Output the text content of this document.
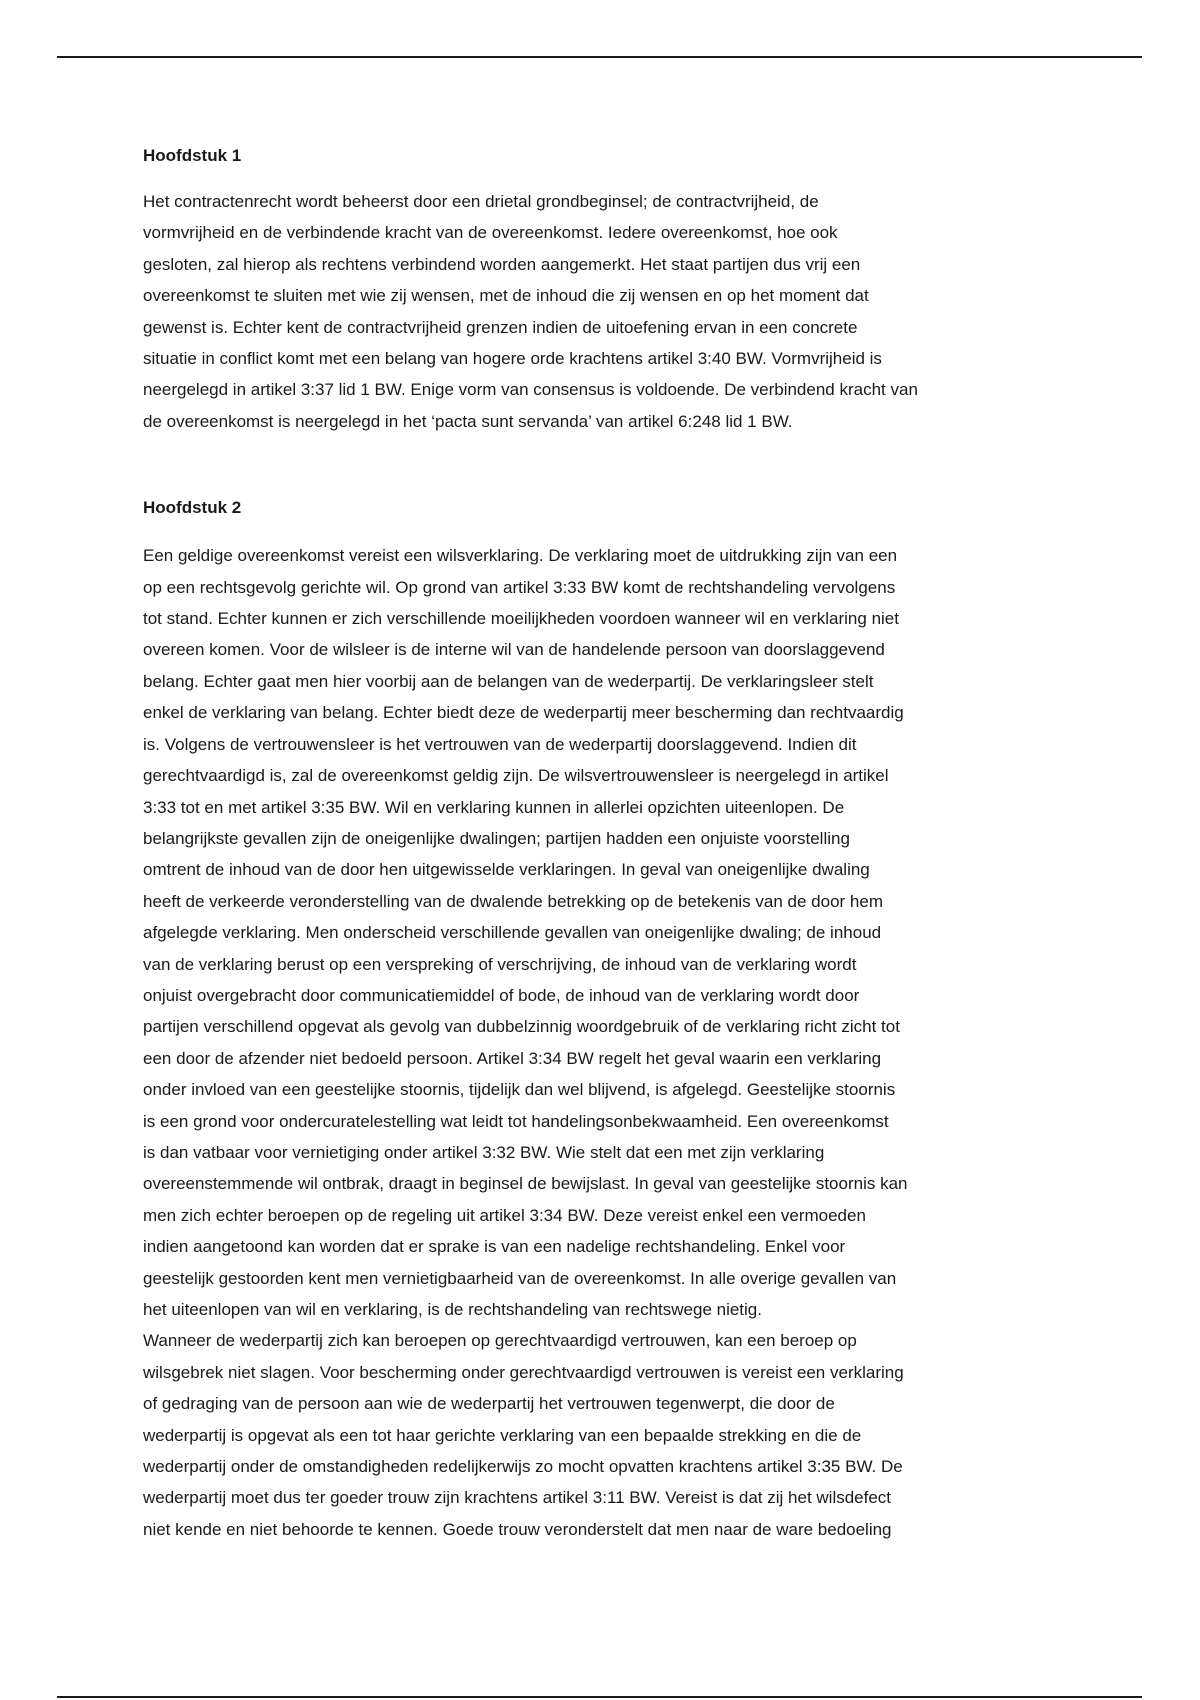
Hoofdstuk 1

Het contractenrecht wordt beheerst door een drietal grondbeginsel; de contractvrijheid, de
vormvrijheid en de verbindende kracht van de overeenkomst. Iedere overeenkomst, hoe ook
gesloten, zal hierop als rechtens verbindend worden aangemerkt. Het staat partijen dus vrij een
overeenkomst te sluiten met wie zij wensen, met de inhoud die zij wensen en op het moment dat
gewenst is. Echter kent de contractvrijheid grenzen indien de uitoefening ervan in een concrete
situatie in conflict komt met een belang van hogere orde krachtens artikel 3:40 BW. Vormvrijheid is
neergelegd in artikel 3:37 lid 1 BW. Enige vorm van consensus is voldoende. De verbindend kracht van
de overeenkomst is neergelegd in het ‘pacta sunt servanda’ van artikel 6:248 lid 1 BW.

Hoofdstuk 2

Een geldige overeenkomst vereist een wilsverklaring. De verklaring moet de uitdrukking zijn van een
op een rechtsgevolg gerichte wil. Op grond van artikel 3:33 BW komt de rechtshandeling vervolgens
tot stand. Echter kunnen er zich verschillende moeilijkheden voordoen wanneer wil en verklaring niet
overeen komen. Voor de wilsleer is de interne wil van de handelende persoon van doorslaggevend
belang. Echter gaat men hier voorbij aan de belangen van de wederpartij. De verklaringsleer stelt
enkel de verklaring van belang. Echter biedt deze de wederpartij meer bescherming dan rechtvaardig
is. Volgens de vertrouwensleer is het vertrouwen van de wederpartij doorslaggevend. Indien dit
gerechtvaardigd is, zal de overeenkomst geldig zijn. De wilsvertrouwensleer is neergelegd in artikel
3:33 tot en met artikel 3:35 BW. Wil en verklaring kunnen in allerlei opzichten uiteenlopen. De
belangrijkste gevallen zijn de oneigenlijke dwalingen; partijen hadden een onjuiste voorstelling
omtrent de inhoud van de door hen uitgewisselde verklaringen. In geval van oneigenlijke dwaling
heeft de verkeerde veronderstelling van de dwalende betrekking op de betekenis van de door hem
afgelegde verklaring. Men onderscheid verschillende gevallen van oneigenlijke dwaling; de inhoud
van de verklaring berust op een verspreking of verschrijving, de inhoud van de verklaring wordt
onjuist overgebracht door communicatiemiddel of bode, de inhoud van de verklaring wordt door
partijen verschillend opgevat als gevolg van dubbelzinnig woordgebruik of de verklaring richt zicht tot
een door de afzender niet bedoeld persoon. Artikel 3:34 BW regelt het geval waarin een verklaring
onder invloed van een geestelijke stoornis, tijdelijk dan wel blijvend, is afgelegd. Geestelijke stoornis
is een grond voor ondercuratelestelling wat leidt tot handelingsonbekwaamheid. Een overeenkomst
is dan vatbaar voor vernietiging onder artikel 3:32 BW. Wie stelt dat een met zijn verklaring
overeenstemmende wil ontbrak, draagt in beginsel de bewijslast. In geval van geestelijke stoornis kan
men zich echter beroepen op de regeling uit artikel 3:34 BW. Deze vereist enkel een vermoeden
indien aangetoond kan worden dat er sprake is van een nadelige rechtshandeling. Enkel voor
geestelijk gestoorden kent men vernietigbaarheid van de overeenkomst. In alle overige gevallen van
het uiteenlopen van wil en verklaring, is de rechtshandeling van rechtswege nietig.
Wanneer de wederpartij zich kan beroepen op gerechtvaardigd vertrouwen, kan een beroep op
wilsgebrek niet slagen. Voor bescherming onder gerechtvaardigd vertrouwen is vereist een verklaring
of gedraging van de persoon aan wie de wederpartij het vertrouwen tegenwerpt, die door de
wederpartij is opgevat als een tot haar gerichte verklaring van een bepaalde strekking en die de
wederpartij onder de omstandigheden redelijkerwijs zo mocht opvatten krachtens artikel 3:35 BW. De
wederpartij moet dus ter goeder trouw zijn krachtens artikel 3:11 BW. Vereist is dat zij het wilsdefect
niet kende en niet behoorde te kennen. Goede trouw veronderstelt dat men naar de ware bedoeling
